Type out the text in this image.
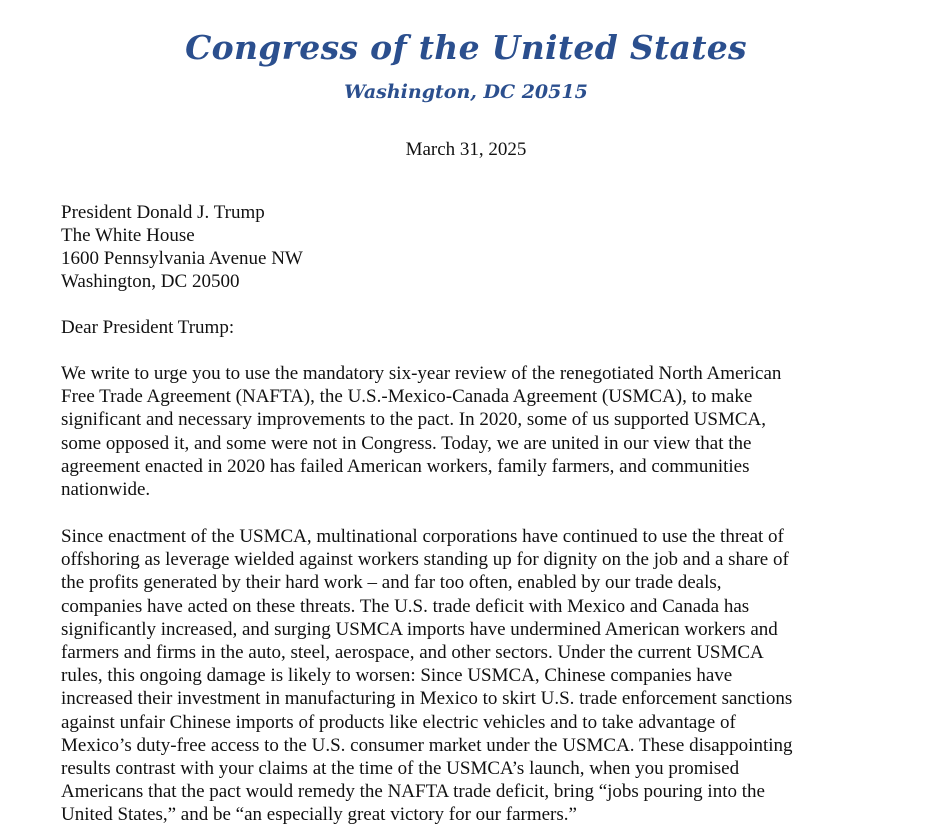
Congress of the United States
Washington, DC 20515
March 31, 2025
President Donald J. Trump
The White House
1600 Pennsylvania Avenue NW
Washington, DC 20500
Dear President Trump:
We write to urge you to use the mandatory six-year review of the renegotiated North American
Free Trade Agreement (NAFTA), the U.S.-Mexico-Canada Agreement (USMCA), to make
significant and necessary improvements to the pact. In 2020, some of us supported USMCA,
some opposed it, and some were not in Congress. Today, we are united in our view that the
agreement enacted in 2020 has failed American workers, family farmers, and communities
nationwide.
Since enactment of the USMCA, multinational corporations have continued to use the threat of
offshoring as leverage wielded against workers standing up for dignity on the job and a share of
the profits generated by their hard work – and far too often, enabled by our trade deals,
companies have acted on these threats. The U.S. trade deficit with Mexico and Canada has
significantly increased, and surging USMCA imports have undermined American workers and
farmers and firms in the auto, steel, aerospace, and other sectors. Under the current USMCA
rules, this ongoing damage is likely to worsen: Since USMCA, Chinese companies have
increased their investment in manufacturing in Mexico to skirt U.S. trade enforcement sanctions
against unfair Chinese imports of products like electric vehicles and to take advantage of
Mexico’s duty-free access to the U.S. consumer market under the USMCA. These disappointing
results contrast with your claims at the time of the USMCA’s launch, when you promised
Americans that the pact would remedy the NAFTA trade deficit, bring “jobs pouring into the
United States,” and be “an especially great victory for our farmers.”
